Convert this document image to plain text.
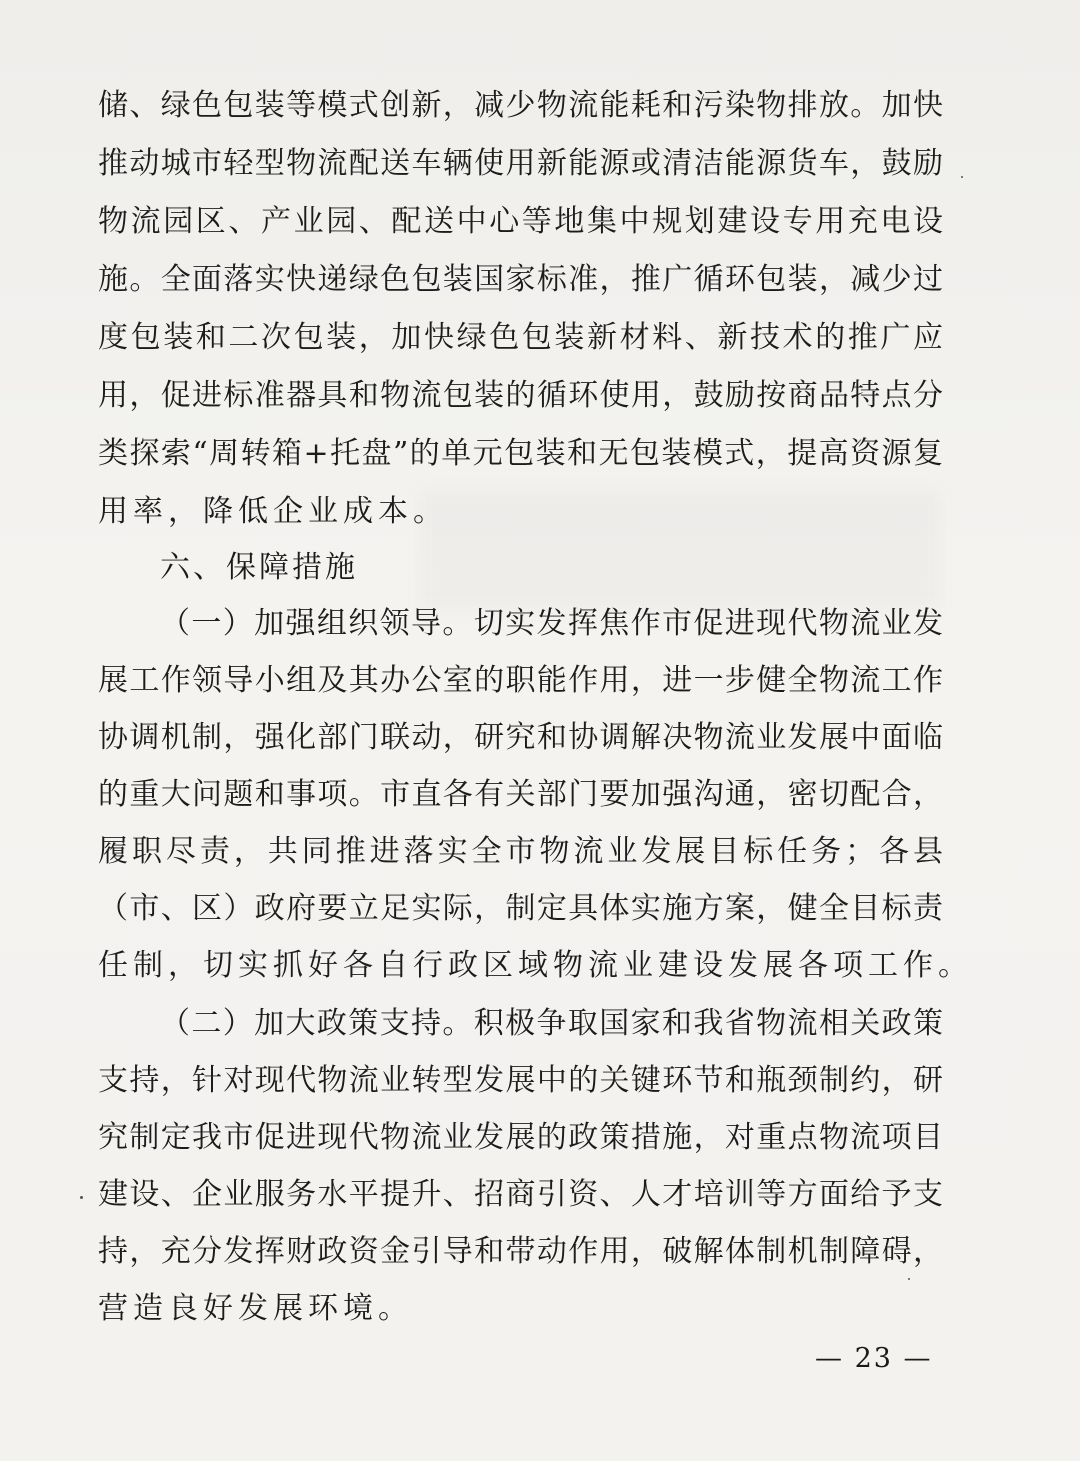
储、绿色包装等模式创新，减少物流能耗和污染物排放。加快
推动城市轻型物流配送车辆使用新能源或清洁能源货车，鼓励
物流园区、产业园、配送中心等地集中规划建设专用充电设
施。全面落实快递绿色包装国家标准，推广循环包装，减少过
度包装和二次包装，加快绿色包装新材料、新技术的推广应
用，促进标准器具和物流包装的循环使用，鼓励按商品特点分
类探索“周转箱+托盘”的单元包装和无包装模式，提高资源复
用率，降低企业成本。
六、保障措施
（一）加强组织领导。切实发挥焦作市促进现代物流业发
展工作领导小组及其办公室的职能作用，进一步健全物流工作
协调机制，强化部门联动，研究和协调解决物流业发展中面临
的重大问题和事项。市直各有关部门要加强沟通，密切配合，
履职尽责，共同推进落实全市物流业发展目标任务；各县
（市、区）政府要立足实际，制定具体实施方案，健全目标责
任制，切实抓好各自行政区域物流业建设发展各项工作。
（二）加大政策支持。积极争取国家和我省物流相关政策
支持，针对现代物流业转型发展中的关键环节和瓶颈制约，研
究制定我市促进现代物流业发展的政策措施，对重点物流项目
建设、企业服务水平提升、招商引资、人才培训等方面给予支
持，充分发挥财政资金引导和带动作用，破解体制机制障碍，
营造良好发展环境。
— 23 —
